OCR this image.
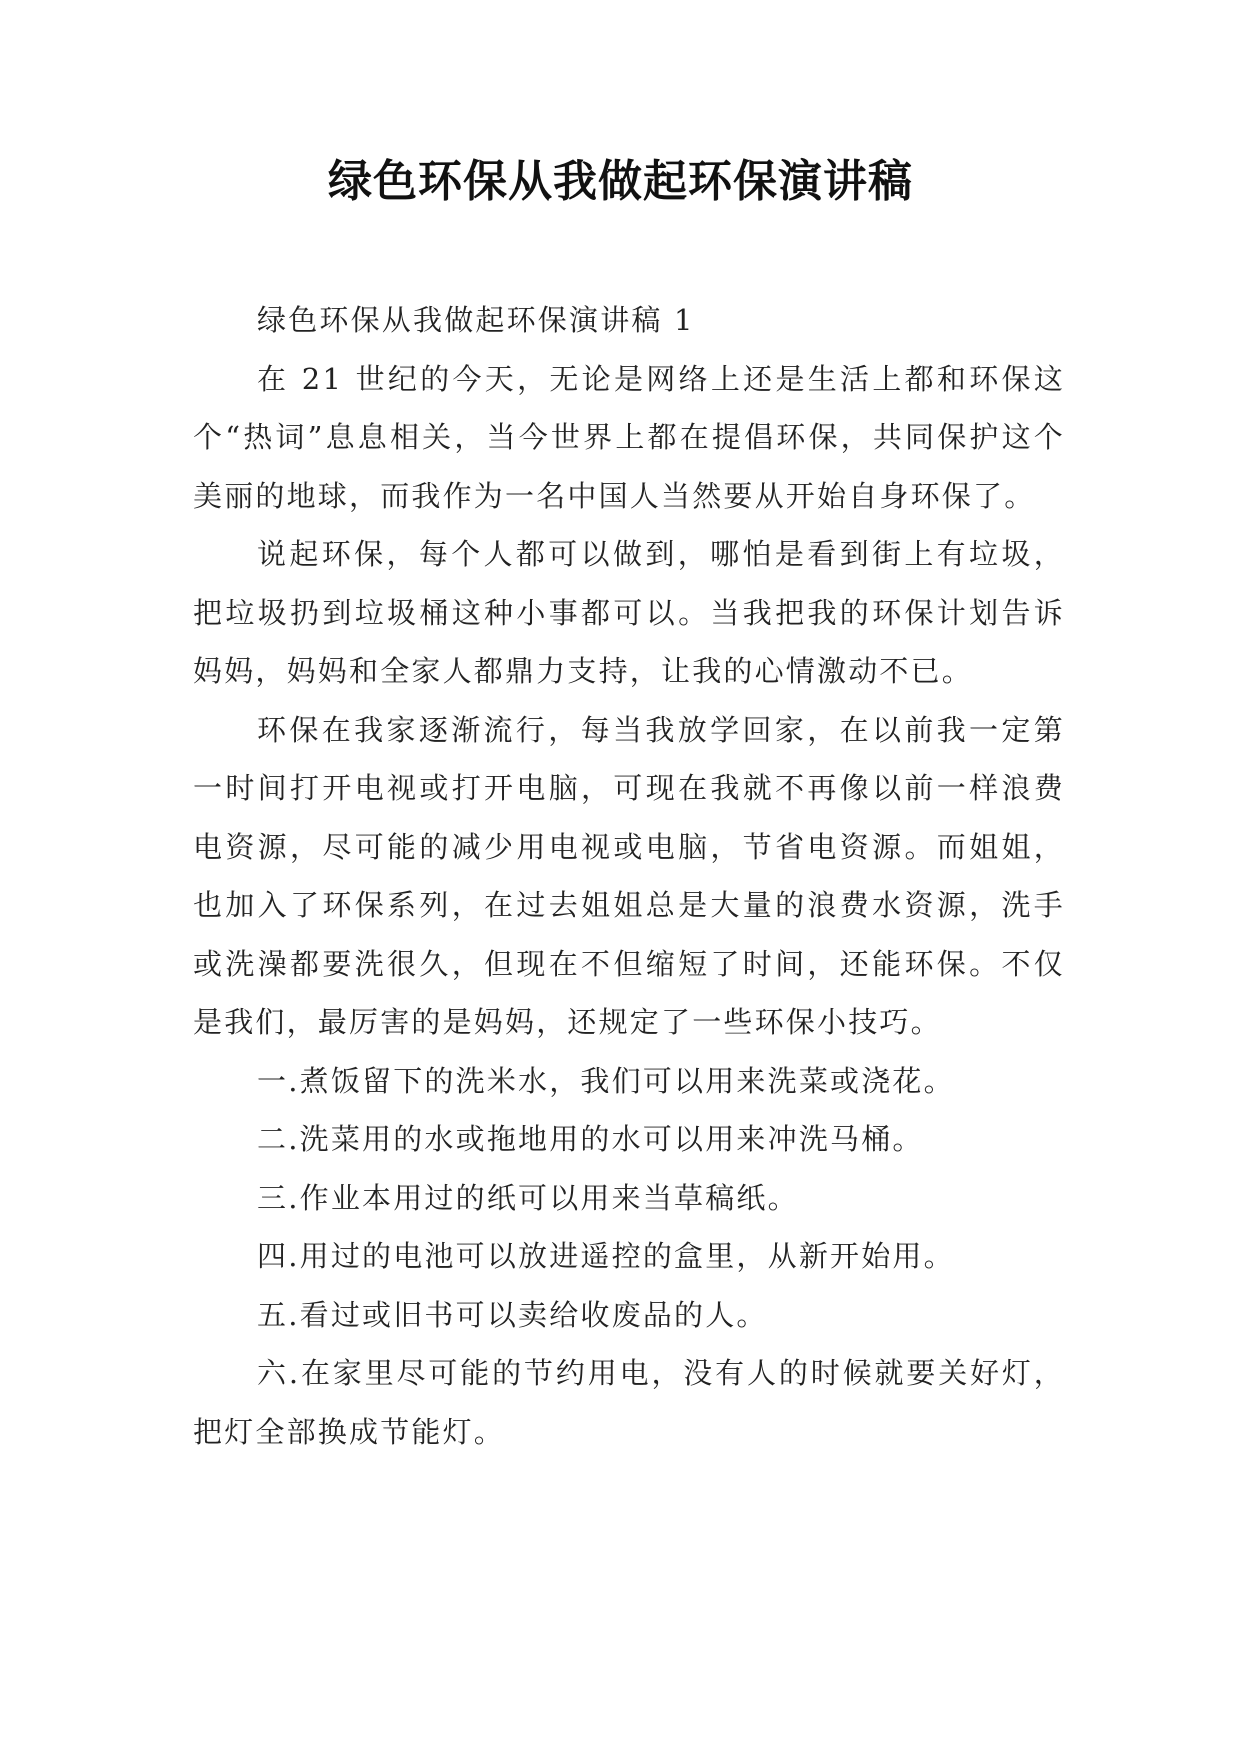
绿色环保从我做起环保演讲稿

绿色环保从我做起环保演讲稿 1

在 21 世纪的今天，无论是网络上还是生活上都和环保这个“热词”息息相关，当今世界上都在提倡环保，共同保护这个美丽的地球，而我作为一名中国人当然要从开始自身环保了。

说起环保，每个人都可以做到，哪怕是看到街上有垃圾，把垃圾扔到垃圾桶这种小事都可以。当我把我的环保计划告诉妈妈，妈妈和全家人都鼎力支持，让我的心情激动不已。

环保在我家逐渐流行，每当我放学回家，在以前我一定第一时间打开电视或打开电脑，可现在我就不再像以前一样浪费电资源，尽可能的减少用电视或电脑，节省电资源。而姐姐，也加入了环保系列，在过去姐姐总是大量的浪费水资源，洗手或洗澡都要洗很久，但现在不但缩短了时间，还能环保。不仅是我们，最厉害的是妈妈，还规定了一些环保小技巧。

一.煮饭留下的洗米水，我们可以用来洗菜或浇花。

二.洗菜用的水或拖地用的水可以用来冲洗马桶。

三.作业本用过的纸可以用来当草稿纸。

四.用过的电池可以放进遥控的盒里，从新开始用。

五.看过或旧书可以卖给收废品的人。

六.在家里尽可能的节约用电，没有人的时候就要关好灯，把灯全部换成节能灯。
